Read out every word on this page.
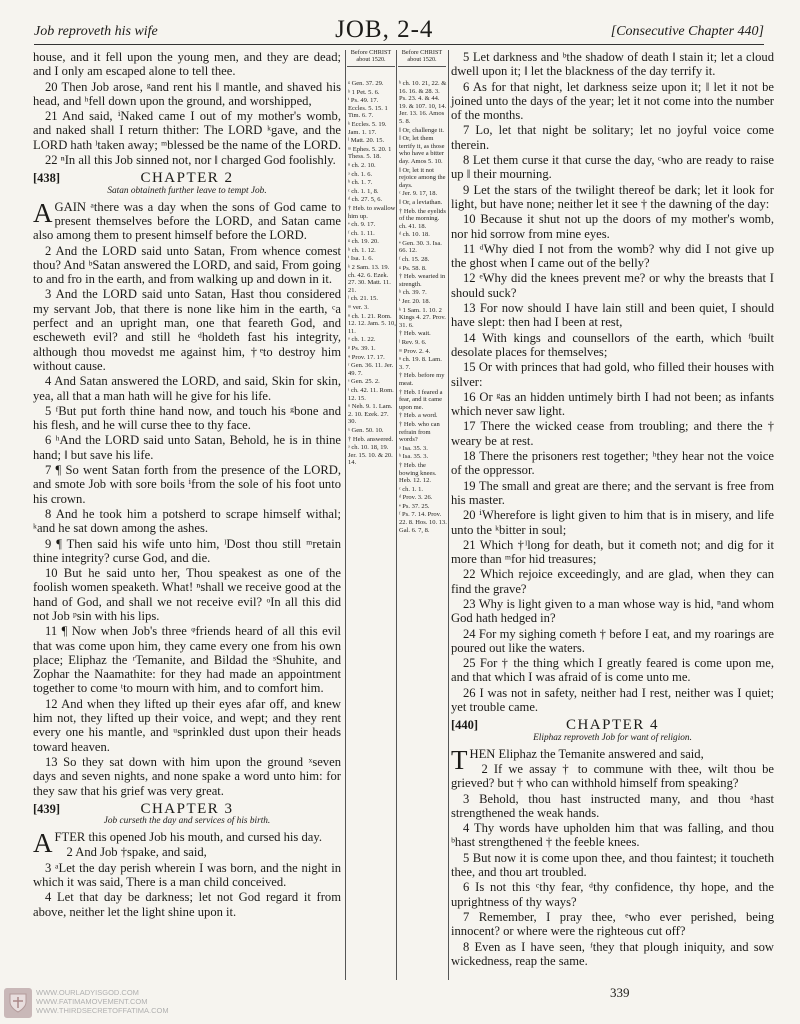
Job reproveth his wife	JOB, 2-4	[Consecutive Chapter 440]

house, and it fell upon the young men, and they are dead; and I only am escaped alone to tell thee.

20 Then Job arose, ᵍand rent his ‖ mantle, and shaved his head, and ʰfell down upon the ground, and worshipped,

21 And said, ⁱNaked came I out of my mother's womb, and naked shall I return thither: The LORD ᵏgave, and the LORD hath ˡtaken away; ᵐblessed be the name of the LORD.

22 ⁿIn all this Job sinned not, nor ‖ charged God foolishly.

[438]	CHAPTER 2
Satan obtaineth further leave to tempt Job.

AGAIN ᵃthere was a day when the sons of God came to present themselves before the LORD, and Satan came also among them to present himself before the LORD.

2 And the LORD said unto Satan, From whence comest thou? And ᵇSatan answered the LORD, and said, From going to and fro in the earth, and from walking up and down in it.

3 And the LORD said unto Satan, Hast thou considered my servant Job, that there is none like him in the earth, ᶜa perfect and an upright man, one that feareth God, and escheweth evil? and still he ᵈholdeth fast his integrity, although thou movedst me against him, †ᵉto destroy him without cause.

4 And Satan answered the LORD, and said, Skin for skin, yea, all that a man hath will he give for his life.

5 ᶠBut put forth thine hand now, and touch his ᵍbone and his flesh, and he will curse thee to thy face.

6 ʰAnd the LORD said unto Satan, Behold, he is in thine hand; ‖ but save his life.

7 ¶ So went Satan forth from the presence of the LORD, and smote Job with sore boils ⁱfrom the sole of his foot unto his crown.

8 And he took him a potsherd to scrape himself withal; ᵏand he sat down among the ashes.

9 ¶ Then said his wife unto him, ˡDost thou still ᵐretain thine integrity? curse God, and die.

10 But he said unto her, Thou speakest as one of the foolish women speaketh. What! ⁿshall we receive good at the hand of God, and shall we not receive evil? ᵒIn all this did not Job ᵖsin with his lips.

11 ¶ Now when Job's three ᵠfriends heard of all this evil that was come upon him, they came every one from his own place; Eliphaz the ʳTemanite, and Bildad the ˢShuhite, and Zophar the Naamathite: for they had made an appointment together to come ᵗto mourn with him, and to comfort him.

12 And when they lifted up their eyes afar off, and knew him not, they lifted up their voice, and wept; and they rent every one his mantle, and ᵘsprinkled dust upon their heads toward heaven.

13 So they sat down with him upon the ground ˣseven days and seven nights, and none spake a word unto him: for they saw that his grief was very great.

[439]	CHAPTER 3
Job curseth the day and services of his birth.

AFTER this opened Job his mouth, and cursed his day.

2 And Job †spake, and said,

3 ᵃLet the day perish wherein I was born, and the night in which it was said, There is a man child conceived.

4 Let that day be darkness; let not God regard it from above, neither let the light shine upon it.

Before CHRIST about 1520.
Before CHRIST about 1520.
ᵍ Gen. 37. 29.
ʰ 1 Pet. 5. 6.
ⁱ Ps. 49. 17. Eccles. 5. 15. 1 Tim. 6. 7.
ᵏ Eccles. 5. 19. Jam. 1. 17.
ˡ Matt. 20. 15.
ᵐ Ephes. 5. 20. 1 Thess. 5. 18.
ⁿ ch. 2. 10.
ᵃ ch. 1. 6.
ᵇ ch. 1. 7.
ᶜ ch. 1. 1, 8.
ᵈ ch. 27. 5, 6.
† Heb. to swallow him up.
ᵉ ch. 9. 17.
ᶠ ch. 1. 11.
ᵍ ch. 19. 20.
ʰ ch. 1. 12.
ⁱ Isa. 1. 6.
ᵏ 2 Sam. 13. 19. ch. 42. 6. Ezek. 27. 30. Matt. 11. 21.
ˡ ch. 21. 15.
ᵐ ver. 3.
ⁿ ch. 1. 21. Rom. 12. 12. Jam. 5. 10, 11.
ᵒ ch. 1. 22.
ᵖ Ps. 39. 1.
ᵠ Prov. 17. 17.
ʳ Gen. 36. 11. Jer. 49. 7.
ˢ Gen. 25. 2.
ᵗ ch. 42. 11. Rom. 12. 15.
ᵘ Neh. 9. 1. Lam. 2. 10. Ezek. 27. 30.
ˣ Gen. 50. 10.
† Heb. answered.
ᵃ ch. 10. 18, 19. Jer. 15. 10. & 20. 14.
ᵇ ch. 10. 21, 22. & 16. 16. & 28. 3. Ps. 23. 4. & 44. 19. & 107. 10, 14. Jer. 13. 16. Amos 5. 8.
‖ Or, challenge it.
‖ Or, let them terrify it, as those who have a bitter day. Amos 5. 10.
‖ Or, let it not rejoice among the days.
ᶜ Jer. 9. 17, 18.
‖ Or, a leviathan.
† Heb. the eyelids of the morning. ch. 41. 18.
ᵈ ch. 10. 18.
ᵉ Gen. 30. 3. Isa. 66. 12.
ᶠ ch. 15. 28.
ᵍ Ps. 58. 8.
† Heb. wearied in strength.
ʰ ch. 39. 7.
ⁱ Jer. 20. 18.
ᵏ 1 Sam. 1. 10. 2 Kings 4. 27. Prov. 31. 6.
† Heb. wait.
ˡ Rev. 9. 6.
ᵐ Prov. 2. 4.
ⁿ ch. 19. 8. Lam. 3. 7.
† Heb. before my meat.
† Heb. I feared a fear, and it came upon me.
† Heb. a word.
† Heb. who can refrain from words?
ᵃ Isa. 35. 3.
ᵇ Isa. 35. 3.
† Heb. the bowing knees. Heb. 12. 12.
ᶜ ch. 1. 1.
ᵈ Prov. 3. 26.
ᵉ Ps. 37. 25.
ᶠ Ps. 7. 14. Prov. 22. 8. Hos. 10. 13. Gal. 6. 7, 8.

5 Let darkness and ᵇthe shadow of death ‖ stain it; let a cloud dwell upon it; ‖ let the blackness of the day terrify it.

6 As for that night, let darkness seize upon it; ‖ let it not be joined unto the days of the year; let it not come into the number of the months.

7 Lo, let that night be solitary; let no joyful voice come therein.

8 Let them curse it that curse the day, ᶜwho are ready to raise up ‖ their mourning.

9 Let the stars of the twilight thereof be dark; let it look for light, but have none; neither let it see † the dawning of the day:

10 Because it shut not up the doors of my mother's womb, nor hid sorrow from mine eyes.

11 ᵈWhy died I not from the womb? why did I not give up the ghost when I came out of the belly?

12 ᵉWhy did the knees prevent me? or why the breasts that I should suck?

13 For now should I have lain still and been quiet, I should have slept: then had I been at rest,

14 With kings and counsellors of the earth, which ᶠbuilt desolate places for themselves;

15 Or with princes that had gold, who filled their houses with silver:

16 Or ᵍas an hidden untimely birth I had not been; as infants which never saw light.

17 There the wicked cease from troubling; and there the † weary be at rest.

18 There the prisoners rest together; ʰthey hear not the voice of the oppressor.

19 The small and great are there; and the servant is free from his master.

20 ⁱWherefore is light given to him that is in misery, and life unto the ᵏbitter in soul;

21 Which †ˡlong for death, but it cometh not; and dig for it more than ᵐfor hid treasures;

22 Which rejoice exceedingly, and are glad, when they can find the grave?

23 Why is light given to a man whose way is hid, ⁿand whom God hath hedged in?

24 For my sighing cometh † before I eat, and my roarings are poured out like the waters.

25 For † the thing which I greatly feared is come upon me, and that which I was afraid of is come unto me.

26 I was not in safety, neither had I rest, neither was I quiet; yet trouble came.

[440]	CHAPTER 4
Eliphaz reproveth Job for want of religion.

THEN Eliphaz the Temanite answered and said,

2 If we assay † to commune with thee, wilt thou be grieved? but † who can withhold himself from speaking?

3 Behold, thou hast instructed many, and thou ᵃhast strengthened the weak hands.

4 Thy words have upholden him that was falling, and thou ᵇhast strengthened † the feeble knees.

5 But now it is come upon thee, and thou faintest; it toucheth thee, and thou art troubled.

6 Is not this ᶜthy fear, ᵈthy confidence, thy hope, and the uprightness of thy ways?

7 Remember, I pray thee, ᵉwho ever perished, being innocent? or where were the righteous cut off?

8 Even as I have seen, ᶠthey that plough iniquity, and sow wickedness, reap the same.

339
WWW.OURLADYISGOD.COM
WWW.FATIMAMOVEMENT.COM
WWW.THIRDSECRETOFFATIMA.COM
